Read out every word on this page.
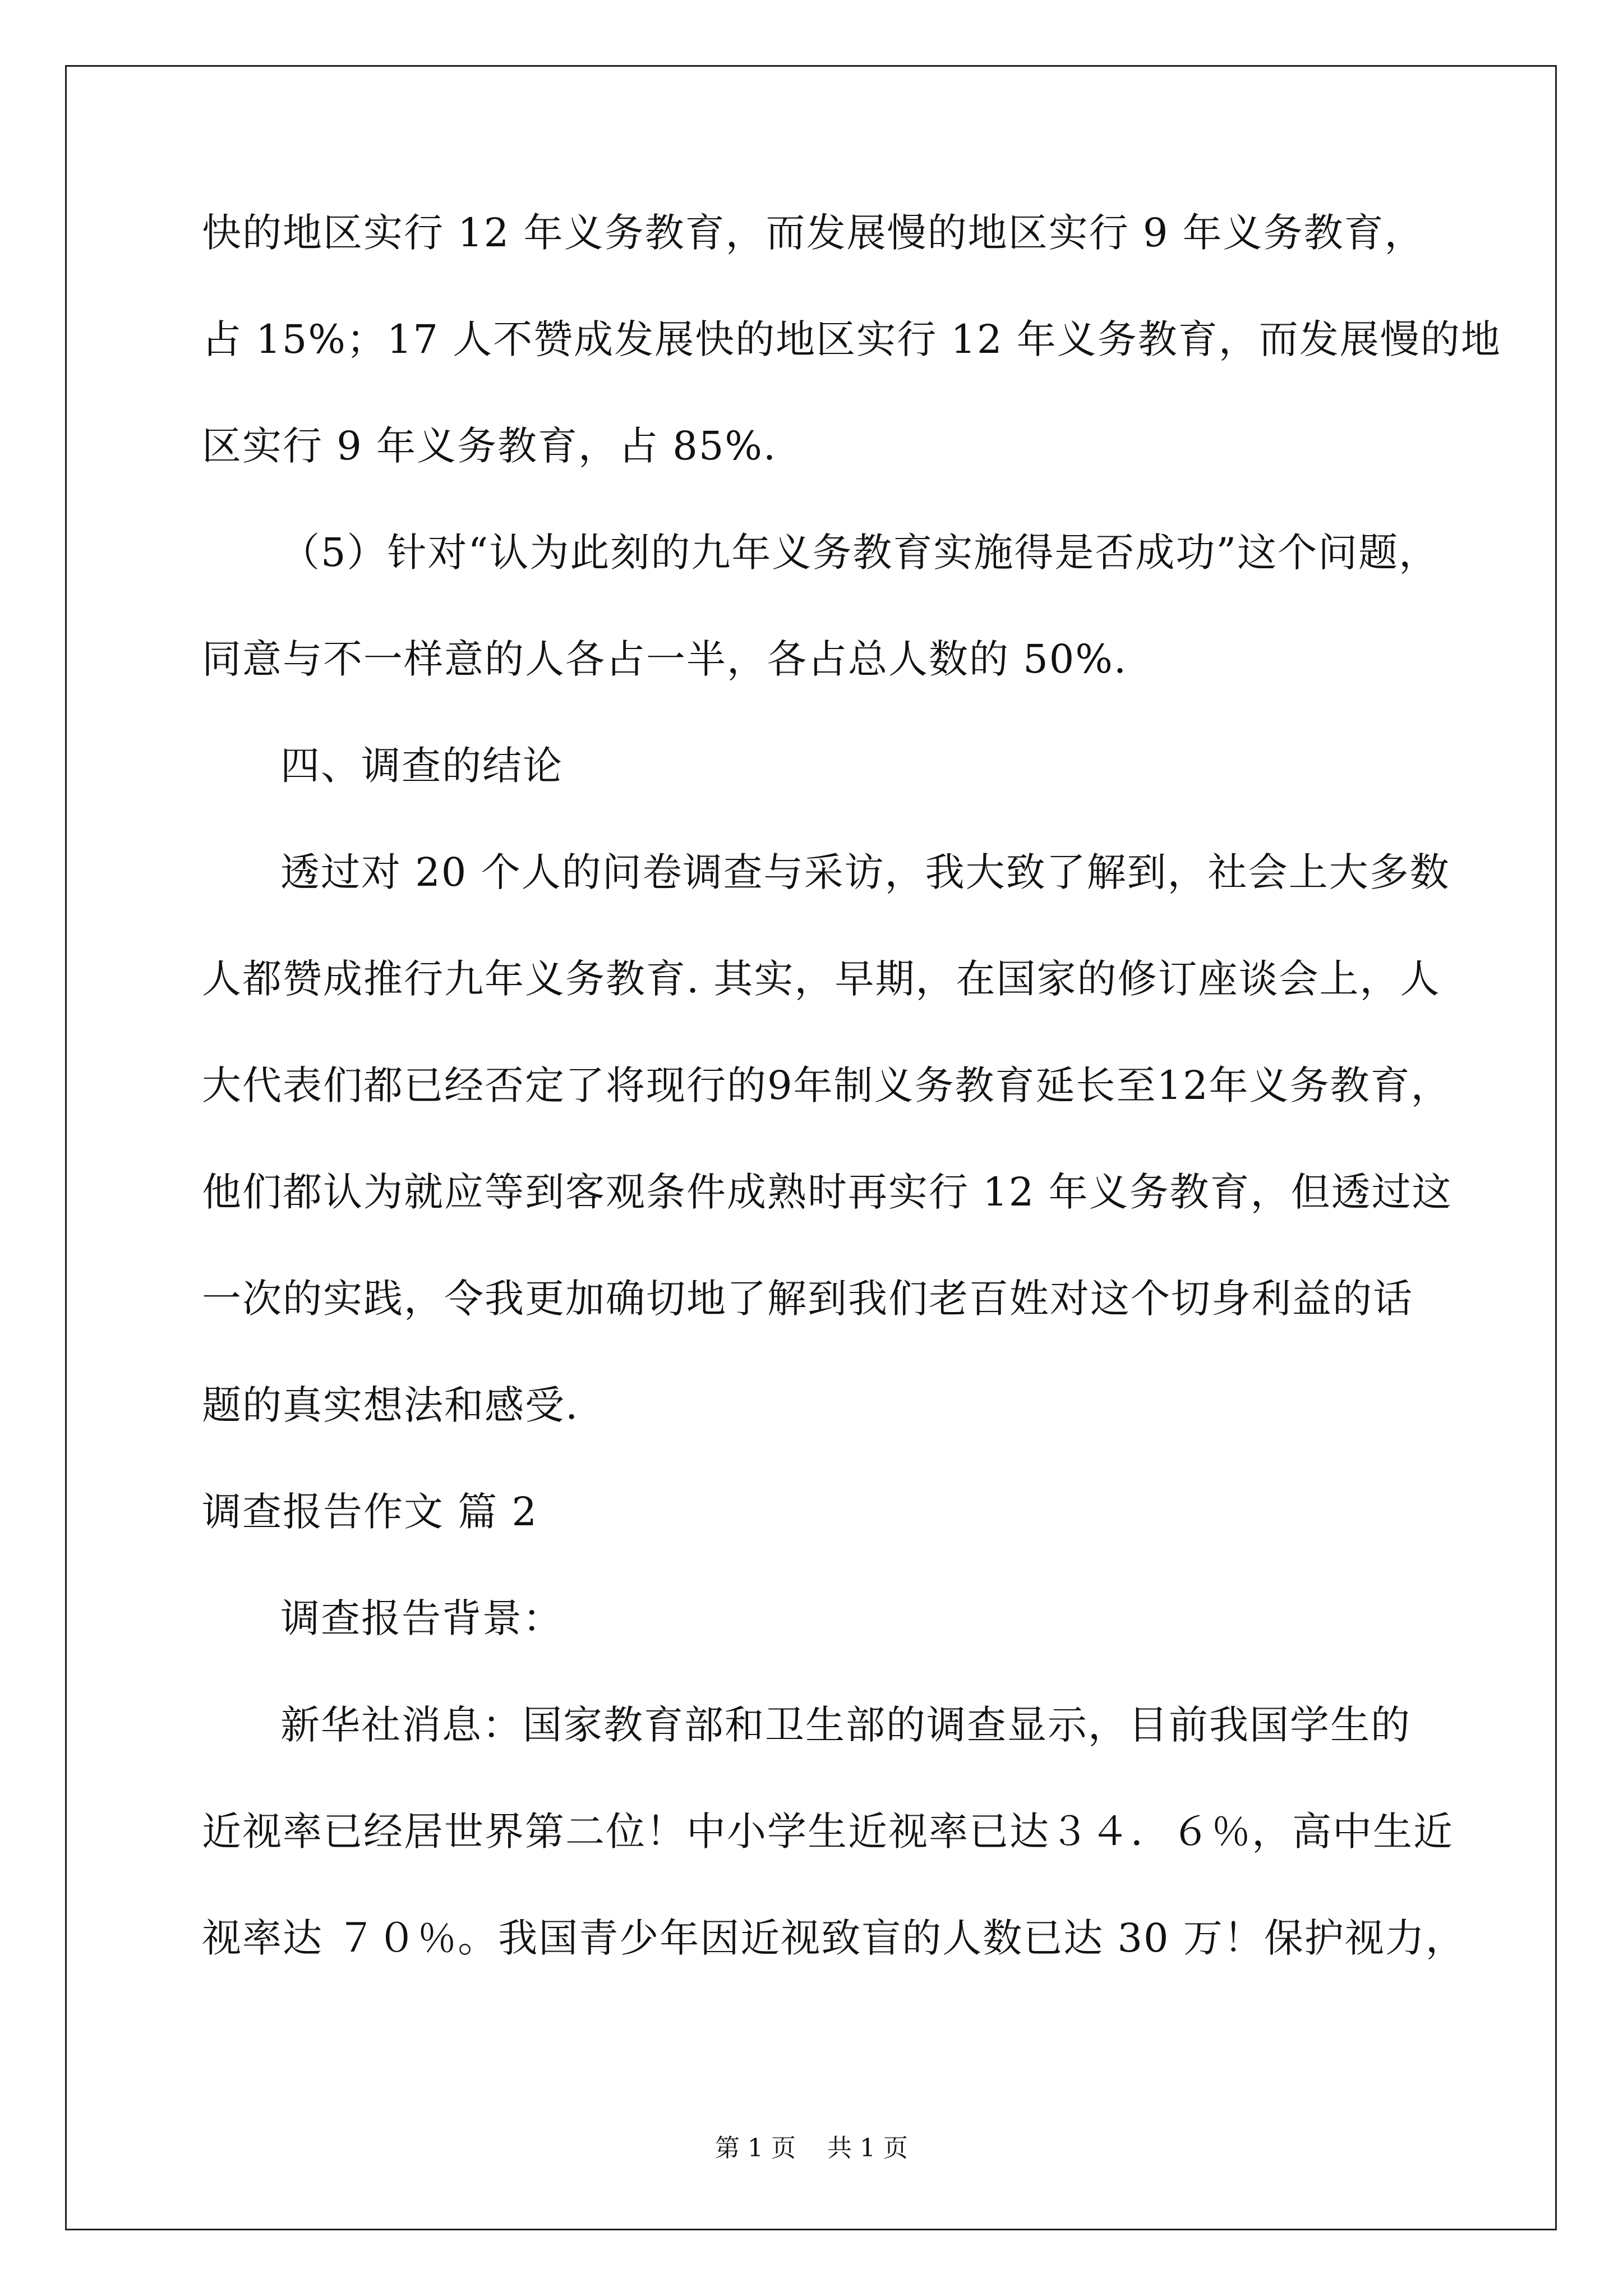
快的地区实行 12 年义务教育，而发展慢的地区实行 9 年义务教育，
占 15%；17 人不赞成发展快的地区实行 12 年义务教育，而发展慢的地
区实行 9 年义务教育，占 85%.
（5）针对“认为此刻的九年义务教育实施得是否成功”这个问题，
同意与不一样意的人各占一半，各占总人数的 50%.
四、调查的结论
透过对 20 个人的问卷调查与采访，我大致了解到，社会上大多数
人都赞成推行九年义务教育. 其实，早期，在国家的修订座谈会上，人
大代表们都已经否定了将现行的9年制义务教育延长至12年义务教育，
他们都认为就应等到客观条件成熟时再实行 12 年义务教育，但透过这
一次的实践，令我更加确切地了解到我们老百姓对这个切身利益的话
题的真实想法和感受.
调查报告作文 篇 2
调查报告背景：
新华社消息：国家教育部和卫生部的调查显示，目前我国学生的
近视率已经居世界第二位！中小学生近视率已达３４．６％，高中生近
视率达 ７０％。我国青少年因近视致盲的人数已达 30 万！保护视力，
第 1 页    共 1 页
